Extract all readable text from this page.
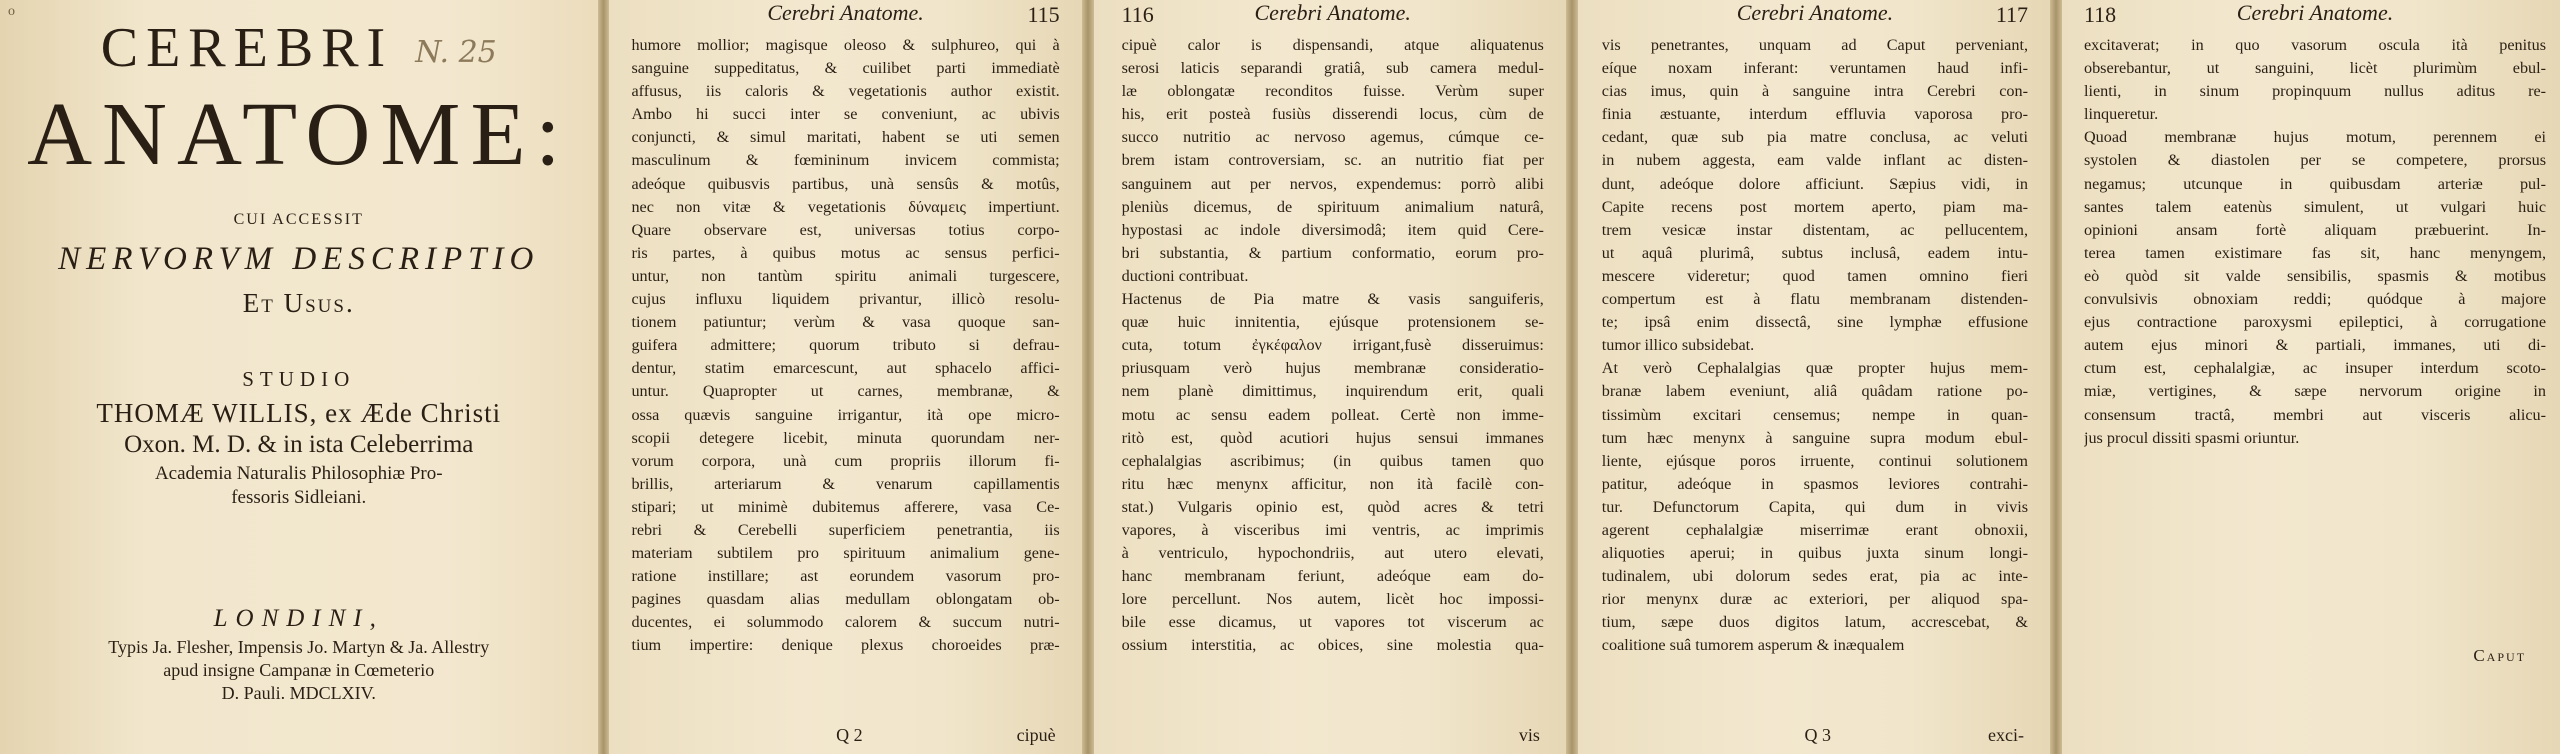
o
CEREBRI N. 25
ANATOME:
CUI ACCESSIT
NERVORVM DESCRIPTIO
Et Usus.
STUDIO
THOMÆ WILLIS, ex Æde Christi
Oxon. M. D. & in ista Celeberrima
Academia Naturalis Philosophiæ Pro-
fessoris Sidleiani.
LONDINI,
Typis Ja. Flesher, Impensis Jo. Martyn & Ja. Allestry
apud insigne Campanæ in Cœmeterio
D. Pauli. MDCLXIV.
Cerebri Anatome.	115
humore mollior; magisque oleoso & sulphureo, qui à
sanguine suppeditatus, & cuilibet parti immediatè
affusus, iis caloris & vegetationis author existit.
Ambo hi succi inter se conveniunt, ac ubivis
conjuncti, & simul maritati, habent se uti semen
masculinum & fœmininum invicem commista;
adeóque quibusvis partibus, unà sensûs & motûs,
nec non vitæ & vegetationis δύναμεις impertiunt.
Quare observare est, universas totius corpo-
ris partes, à quibus motus ac sensus perfici-
untur, non tantùm spiritu animali turgescere,
cujus influxu liquidem privantur, illicò resolu-
tionem patiuntur; verùm & vasa quoque san-
guifera admittere; quorum tributo si defrau-
dentur, statim emarcescunt, aut sphacelo affici-
untur. Quapropter ut carnes, membranæ, &
ossa quævis sanguine irrigantur, ità ope micro-
scopii detegere licebit, minuta quorundam ner-
vorum corpora, unà cum propriis illorum fi-
brillis, arteriarum & venarum capillamentis
stipari; ut minimè dubitemus afferere, vasa Ce-
rebri & Cerebelli superficiem penetrantia, iis
materiam subtilem pro spirituum animalium gene-
ratione instillare; ast eorundem vasorum pro-
pagines quasdam alias medullam oblongatam ob-
ducentes, ei solummodo calorem & succum nutri-
tium impertire: denique plexus choroeides præ-
Q 2	cipuè
116	Cerebri Anatome.
cipuè calor is dispensandi, atque aliquatenus
serosi laticis separandi gratiâ, sub camera medul-
læ oblongatæ reconditos fuisse. Verùm super
his, erit posteà fusiùs disserendi locus, cùm de
succo nutritio ac nervoso agemus, cúmque ce-
brem istam controversiam, sc. an nutritio fiat per
sanguinem aut per nervos, expendemus: porrò alibi
pleniùs dicemus, de spirituum animalium naturâ,
hypostasi ac indole diversimodâ; item quid Cere-
bri substantia, & partium conformatio, eorum pro-
ductioni contribuat.
Hactenus de Pia matre & vasis sanguiferis,
quæ huic innitentia, ejúsque protensionem se-
cuta, totum ἐγκέφαλον irrigant,fusè disseruimus:
priusquam verò hujus membranæ consideratio-
nem planè dimittimus, inquirendum erit, quali
motu ac sensu eadem polleat. Certè non imme-
ritò est, quòd acutiori hujus sensui immanes
cephalalgias ascribimus; (in quibus tamen quo
ritu hæc menynx afficitur, non ità facilè con-
stat.) Vulgaris opinio est, quòd acres & tetri
vapores, à visceribus imi ventris, ac imprimis
à ventriculo, hypochondriis, aut utero elevati,
hanc membranam feriunt, adeóque eam do-
lore percellunt. Nos autem, licèt hoc impossi-
bile esse dicamus, ut vapores tot viscerum ac
ossium interstitia, ac obices, sine molestia qua-
vis
Cerebri Anatome.	117
vis penetrantes, unquam ad Caput perveniant,
eíque noxam inferant: veruntamen haud infi-
cias imus, quin à sanguine intra Cerebri con-
finia æstuante, interdum effluvia vaporosa pro-
cedant, quæ sub pia matre conclusa, ac veluti
in nubem aggesta, eam valde inflant ac disten-
dunt, adeóque dolore afficiunt. Sæpius vidi, in
Capite recens post mortem aperto, piam ma-
trem vesicæ instar distentam, ac pellucentem,
ut aquâ plurimâ, subtus inclusâ, eadem intu-
mescere videretur; quod tamen omnino fieri
compertum est à flatu membranam distenden-
te; ipsâ enim dissectâ, sine lymphæ effusione
tumor illico subsidebat.
At verò Cephalalgias quæ propter hujus mem-
branæ labem eveniunt, aliâ quâdam ratione po-
tissimùm excitari censemus; nempe in quan-
tum hæc menynx à sanguine supra modum ebul-
liente, ejúsque poros irruente, continui solutionem
patitur, adeóque in spasmos leviores contrahi-
tur. Defunctorum Capita, qui dum in vivis
agerent cephalalgiæ miserrimæ erant obnoxii,
aliquoties aperui; in quibus juxta sinum longi-
tudinalem, ubi dolorum sedes erat, pia ac inte-
rior menynx duræ ac exteriori, per aliquod spa-
tium, sæpe duos digitos latum, accrescebat, &
coalitione suâ tumorem asperum & inæqualem
Q 3	exci-
118	Cerebri Anatome.
excitaverat; in quo vasorum oscula ità penitus
obserebantur, ut sanguini, licèt plurimùm ebul-
lienti, in sinum propinquum nullus aditus re-
linqueretur.
Quoad membranæ hujus motum, perennem ei
systolen & diastolen per se competere, prorsus
negamus; utcunque in quibusdam arteriæ pul-
santes talem eatenùs simulent, ut vulgari huic
opinioni ansam fortè aliquam præbuerint. In-
terea tamen existimare fas sit, hanc menyngem,
eò quòd sit valde sensibilis, spasmis & motibus
convulsivis obnoxiam reddi; quódque à majore
ejus contractione paroxysmi epileptici, à corrugatione
autem ejus minori & partiali, immanes, uti di-
ctum est, cephalalgiæ, ac insuper interdum scoto-
miæ, vertigines, & sæpe nervorum origine in
consensum tractâ, membri aut visceris alicu-
jus procul dissiti spasmi oriuntur.
Caput
